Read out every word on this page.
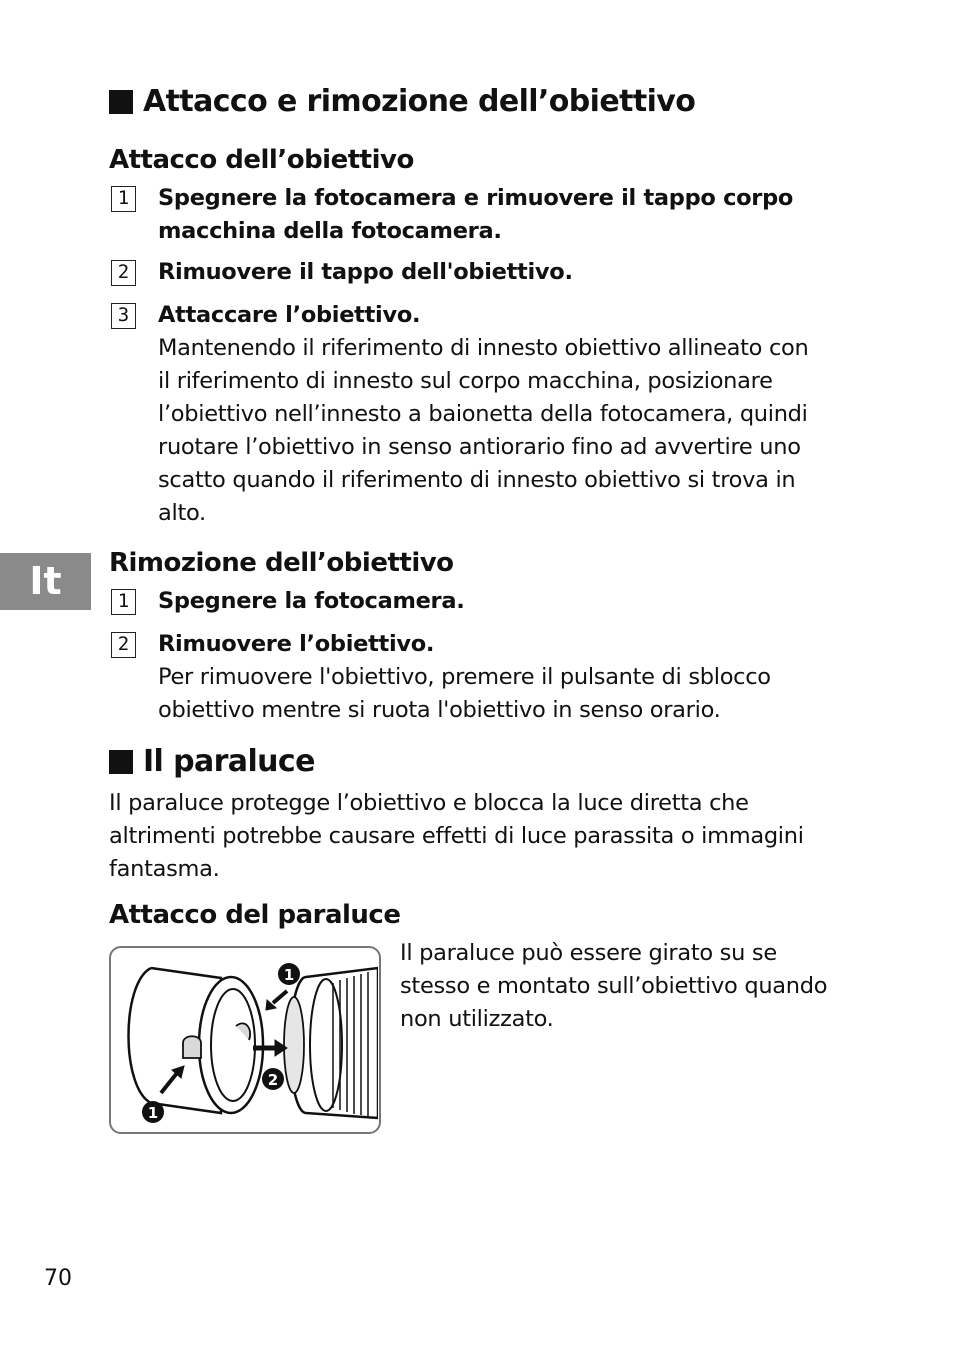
Attacco e rimozione dell’obiettivo
Attacco dell’obiettivo
1	Spegnere la fotocamera e rimuovere il tappo corpo
macchina della fotocamera.
2	Rimuovere il tappo dell'obiettivo.
3	Attaccare l’obiettivo.
Mantenendo il riferimento di innesto obiettivo allineato con
il riferimento di innesto sul corpo macchina, posizionare
l’obiettivo nell’innesto a baionetta della fotocamera, quindi
ruotare l’obiettivo in senso antiorario fino ad avvertire uno
scatto quando il riferimento di innesto obiettivo si trova in
alto.
It	Rimozione dell’obiettivo
1	Spegnere la fotocamera.
2	Rimuovere l’obiettivo.
Per rimuovere l'obiettivo, premere il pulsante di sblocco
obiettivo mentre si ruota l'obiettivo in senso orario.
Il paraluce
Il paraluce protegge l’obiettivo e blocca la luce diretta che
altrimenti potrebbe causare effetti di luce parassita o immagini
fantasma.
Attacco del paraluce
1
2
1
Il paraluce può essere girato su se
stesso e montato sull’obiettivo quando
non utilizzato.
70
